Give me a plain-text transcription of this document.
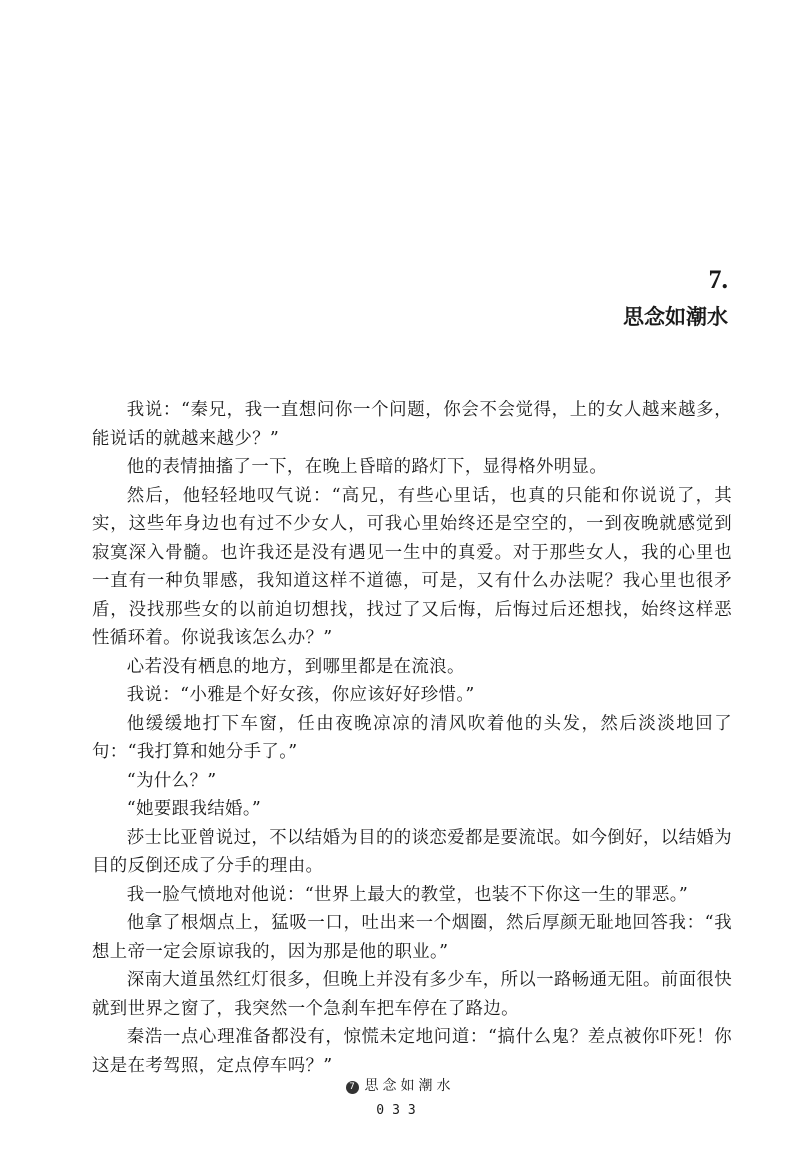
7.
思念如潮水

我说：“秦兄，我一直想问你一个问题，你会不会觉得，上的女人越来越多，能说话的就越来越少？”

他的表情抽搐了一下，在晚上昏暗的路灯下，显得格外明显。

然后，他轻轻地叹气说：“高兄，有些心里话，也真的只能和你说说了，其实，这些年身边也有过不少女人，可我心里始终还是空空的，一到夜晚就感觉到寂寞深入骨髓。也许我还是没有遇见一生中的真爱。对于那些女人，我的心里也一直有一种负罪感，我知道这样不道德，可是，又有什么办法呢？我心里也很矛盾，没找那些女的以前迫切想找，找过了又后悔，后悔过后还想找，始终这样恶性循环着。你说我该怎么办？”

心若没有栖息的地方，到哪里都是在流浪。

我说：“小雅是个好女孩，你应该好好珍惜。”

他缓缓地打下车窗，任由夜晚凉凉的清风吹着他的头发，然后淡淡地回了句：“我打算和她分手了。”

“为什么？”

“她要跟我结婚。”

莎士比亚曾说过，不以结婚为目的的谈恋爱都是要流氓。如今倒好，以结婚为目的反倒还成了分手的理由。

我一脸气愤地对他说：“世界上最大的教堂，也装不下你这一生的罪恶。”

他拿了根烟点上，猛吸一口，吐出来一个烟圈，然后厚颜无耻地回答我：“我想上帝一定会原谅我的，因为那是他的职业。”

深南大道虽然红灯很多，但晚上并没有多少车，所以一路畅通无阻。前面很快就到世界之窗了，我突然一个急刹车把车停在了路边。

秦浩一点心理准备都没有，惊慌未定地问道：“搞什么鬼？差点被你吓死！你这是在考驾照，定点停车吗？”

7 思念如潮水
033
